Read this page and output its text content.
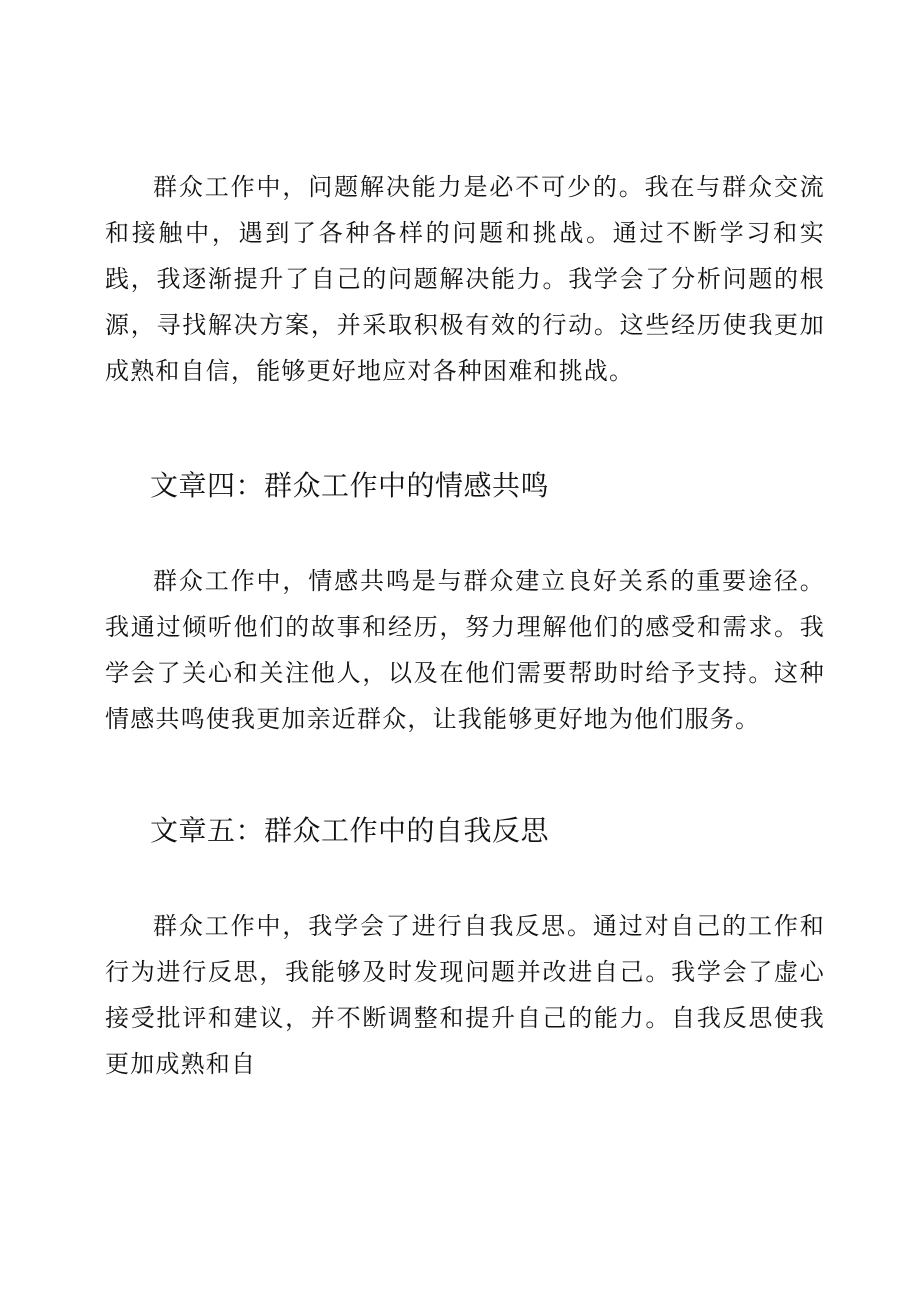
群众工作中，问题解决能力是必不可少的。我在与群众交流和接触中，遇到了各种各样的问题和挑战。通过不断学习和实践，我逐渐提升了自己的问题解决能力。我学会了分析问题的根源，寻找解决方案，并采取积极有效的行动。这些经历使我更加成熟和自信，能够更好地应对各种困难和挑战。

文章四：群众工作中的情感共鸣

群众工作中，情感共鸣是与群众建立良好关系的重要途径。我通过倾听他们的故事和经历，努力理解他们的感受和需求。我学会了关心和关注他人，以及在他们需要帮助时给予支持。这种情感共鸣使我更加亲近群众，让我能够更好地为他们服务。

文章五：群众工作中的自我反思

群众工作中，我学会了进行自我反思。通过对自己的工作和行为进行反思，我能够及时发现问题并改进自己。我学会了虚心接受批评和建议，并不断调整和提升自己的能力。自我反思使我更加成熟和自
